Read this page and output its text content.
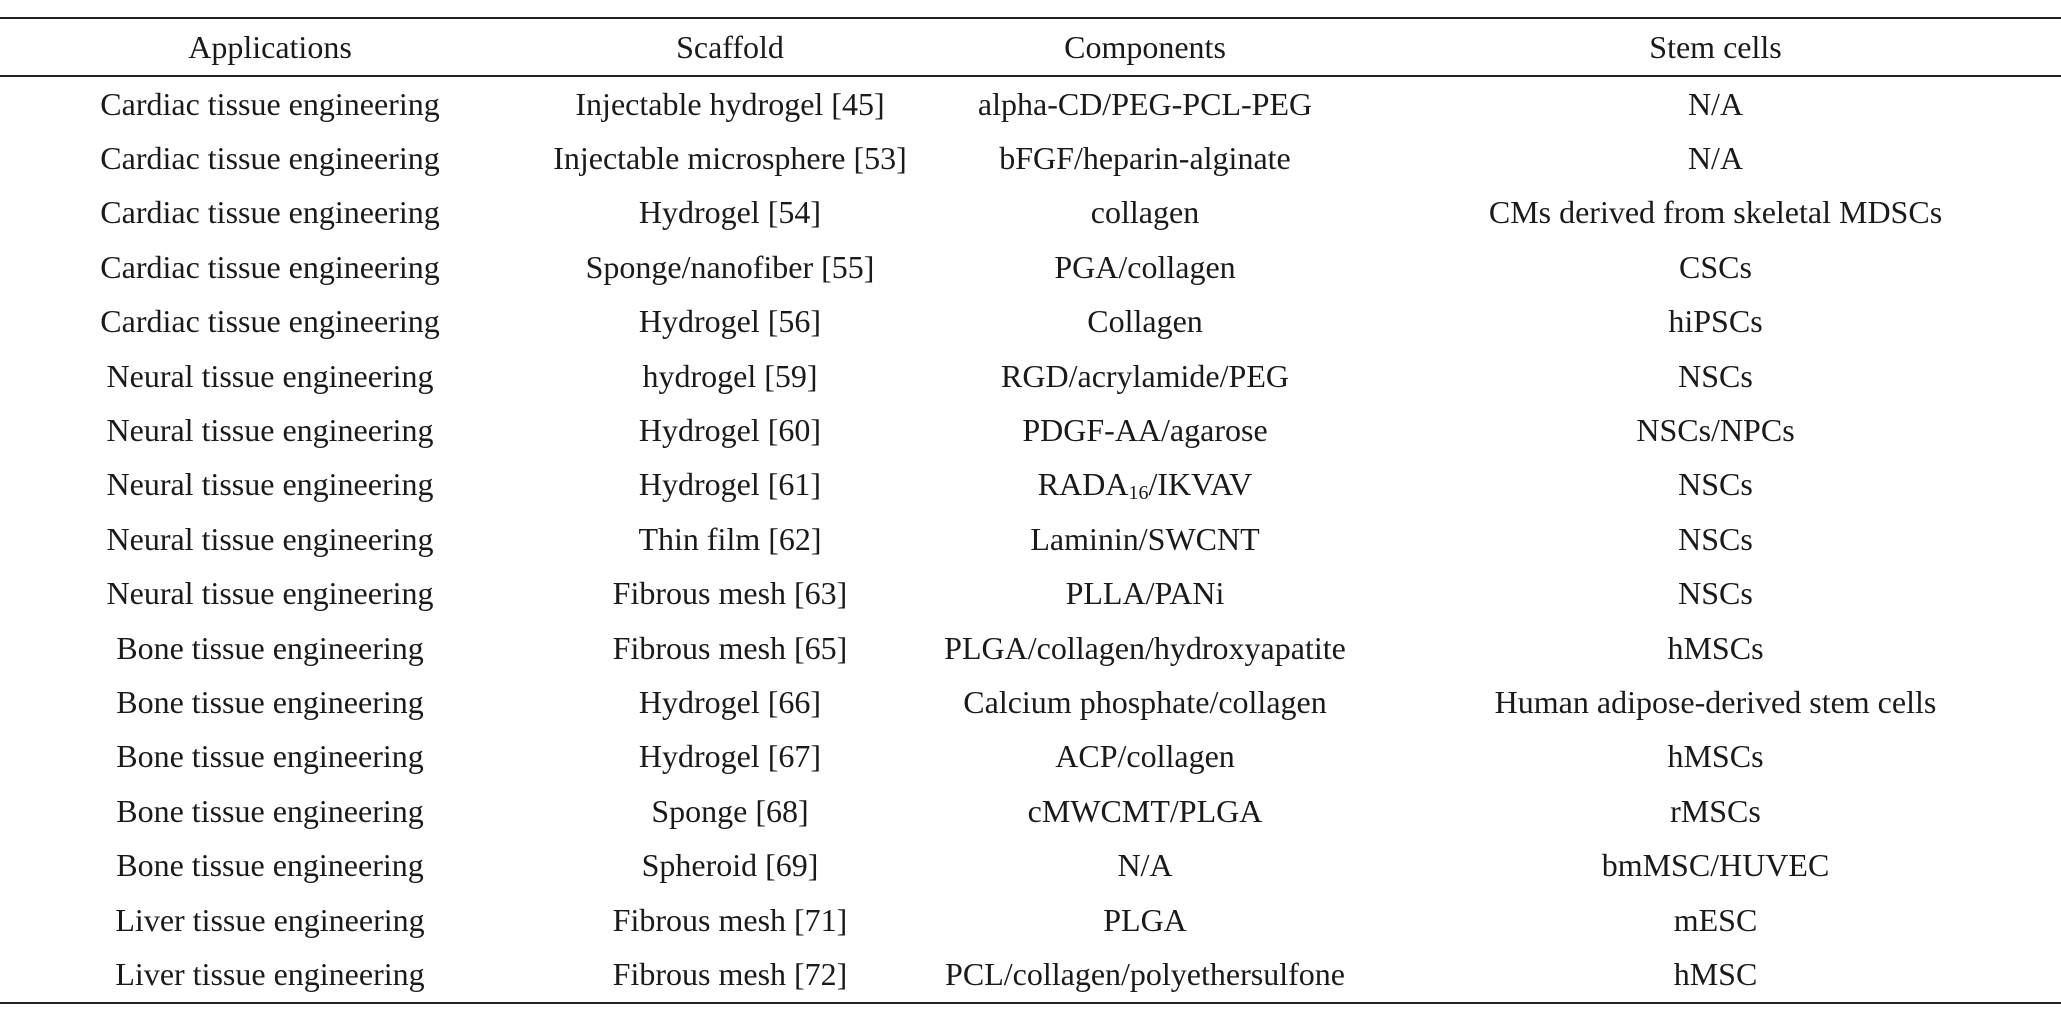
Applications	Scaffold	Components	Stem cells
Cardiac tissue engineering	Injectable hydrogel [45]	alpha-CD/PEG-PCL-PEG	N/A
Cardiac tissue engineering	Injectable microsphere [53]	bFGF/heparin-alginate	N/A
Cardiac tissue engineering	Hydrogel [54]	collagen	CMs derived from skeletal MDSCs
Cardiac tissue engineering	Sponge/nanofiber [55]	PGA/collagen	CSCs
Cardiac tissue engineering	Hydrogel [56]	Collagen	hiPSCs
Neural tissue engineering	hydrogel [59]	RGD/acrylamide/PEG	NSCs
Neural tissue engineering	Hydrogel [60]	PDGF-AA/agarose	NSCs/NPCs
Neural tissue engineering	Hydrogel [61]	$RADA_{16}$/IKVAV	NSCs
Neural tissue engineering	Thin film [62]	Laminin/SWCNT	NSCs
Neural tissue engineering	Fibrous mesh [63]	PLLA/PANi	NSCs
Bone tissue engineering	Fibrous mesh [65]	PLGA/collagen/hydroxyapatite	hMSCs
Bone tissue engineering	Hydrogel [66]	Calcium phosphate/collagen	Human adipose-derived stem cells
Bone tissue engineering	Hydrogel [67]	ACP/collagen	hMSCs
Bone tissue engineering	Sponge [68]	cMWCMT/PLGA	rMSCs
Bone tissue engineering	Spheroid [69]	N/A	bmMSC/HUVEC
Liver tissue engineering	Fibrous mesh [71]	PLGA	mESC
Liver tissue engineering	Fibrous mesh [72]	PCL/collagen/polyethersulfone	hMSC
